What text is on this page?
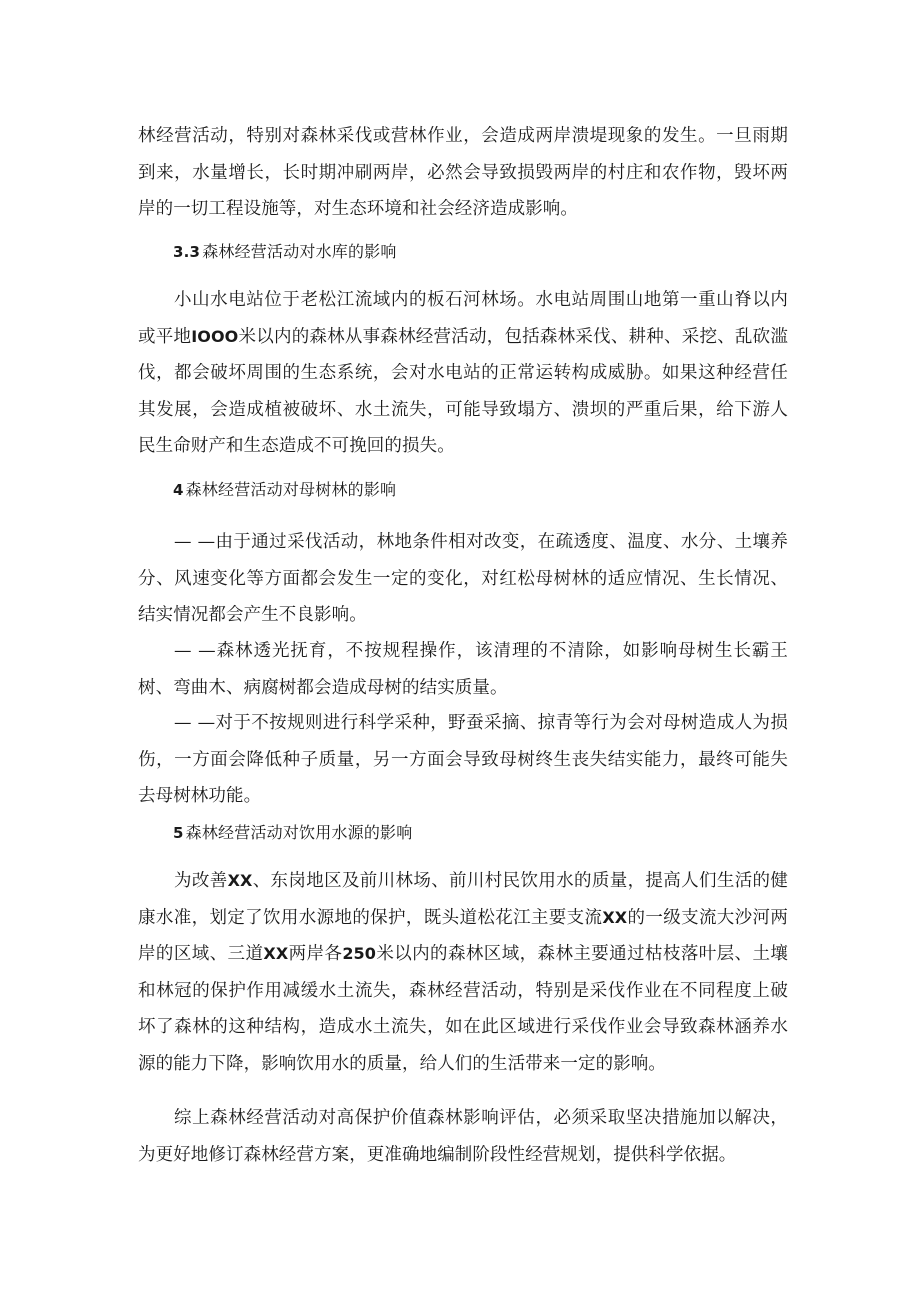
林经营活动，特别对森林采伐或营林作业，会造成两岸溃堤现象的发生。一旦雨期到来，水量增长，长时期冲刷两岸，必然会导致损毁两岸的村庄和农作物，毁坏两岸的一切工程设施等，对生态环境和社会经济造成影响。

3.3 森林经营活动对水库的影响

小山水电站位于老松江流域内的板石河林场。水电站周围山地第一重山脊以内或平地IOOO米以内的森林从事森林经营活动，包括森林采伐、耕种、采挖、乱砍滥伐，都会破坏周围的生态系统，会对水电站的正常运转构成威胁。如果这种经营任其发展，会造成植被破坏、水土流失，可能导致塌方、溃坝的严重后果，给下游人民生命财产和生态造成不可挽回的损失。

4 森林经营活动对母树林的影响

— —由于通过采伐活动，林地条件相对改变，在疏透度、温度、水分、土壤养分、风速变化等方面都会发生一定的变化，对红松母树林的适应情况、生长情况、结实情况都会产生不良影响。

— —森林透光抚育，不按规程操作，该清理的不清除，如影响母树生长霸王树、弯曲木、病腐树都会造成母树的结实质量。

— —对于不按规则进行科学采种，野蚕采摘、掠青等行为会对母树造成人为损伤，一方面会降低种子质量，另一方面会导致母树终生丧失结实能力，最终可能失去母树林功能。

5 森林经营活动对饮用水源的影响

为改善XX、东岗地区及前川林场、前川村民饮用水的质量，提高人们生活的健康水准，划定了饮用水源地的保护，既头道松花江主要支流XX的一级支流大沙河两岸的区域、三道XX两岸各250米以内的森林区域，森林主要通过枯枝落叶层、土壤和林冠的保护作用减缓水土流失，森林经营活动，特别是采伐作业在不同程度上破坏了森林的这种结构，造成水土流失，如在此区域进行采伐作业会导致森林涵养水源的能力下降，影响饮用水的质量，给人们的生活带来一定的影响。

综上森林经营活动对高保护价值森林影响评估，必须采取坚决措施加以解决，为更好地修订森林经营方案，更准确地编制阶段性经营规划，提供科学依据。
